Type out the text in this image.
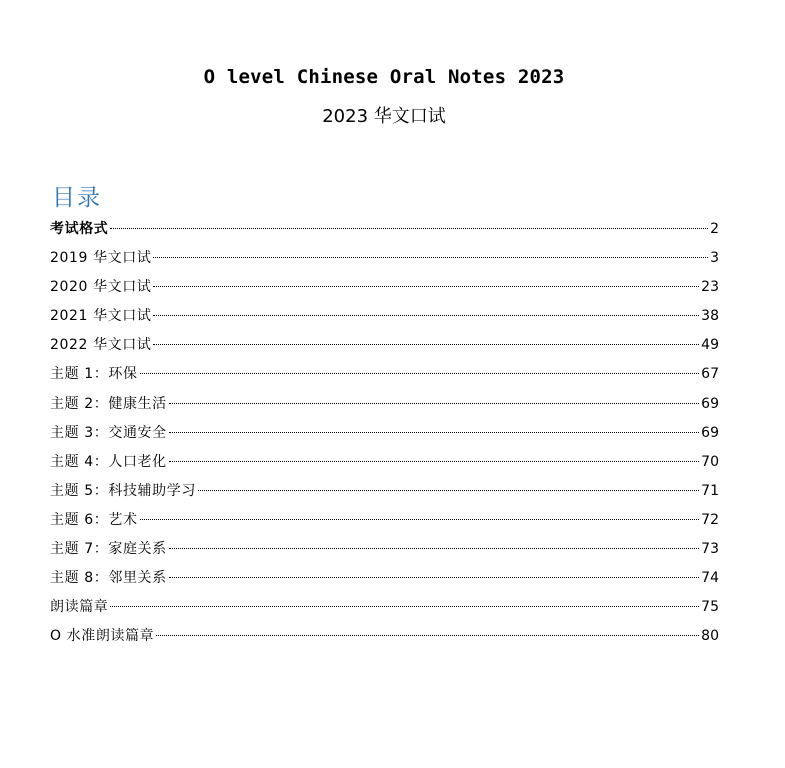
O level Chinese Oral Notes 2023
2023 华文口试
目录
考试格式	2
2019 华文口试	3
2020 华文口试	23
2021 华文口试	38
2022 华文口试	49
主题 1：环保	67
主题 2：健康生活	69
主题 3：交通安全	69
主题 4：人口老化	70
主题 5：科技辅助学习	71
主题 6：艺术	72
主题 7：家庭关系	73
主题 8：邻里关系	74
朗读篇章	75
O 水准朗读篇章	80
